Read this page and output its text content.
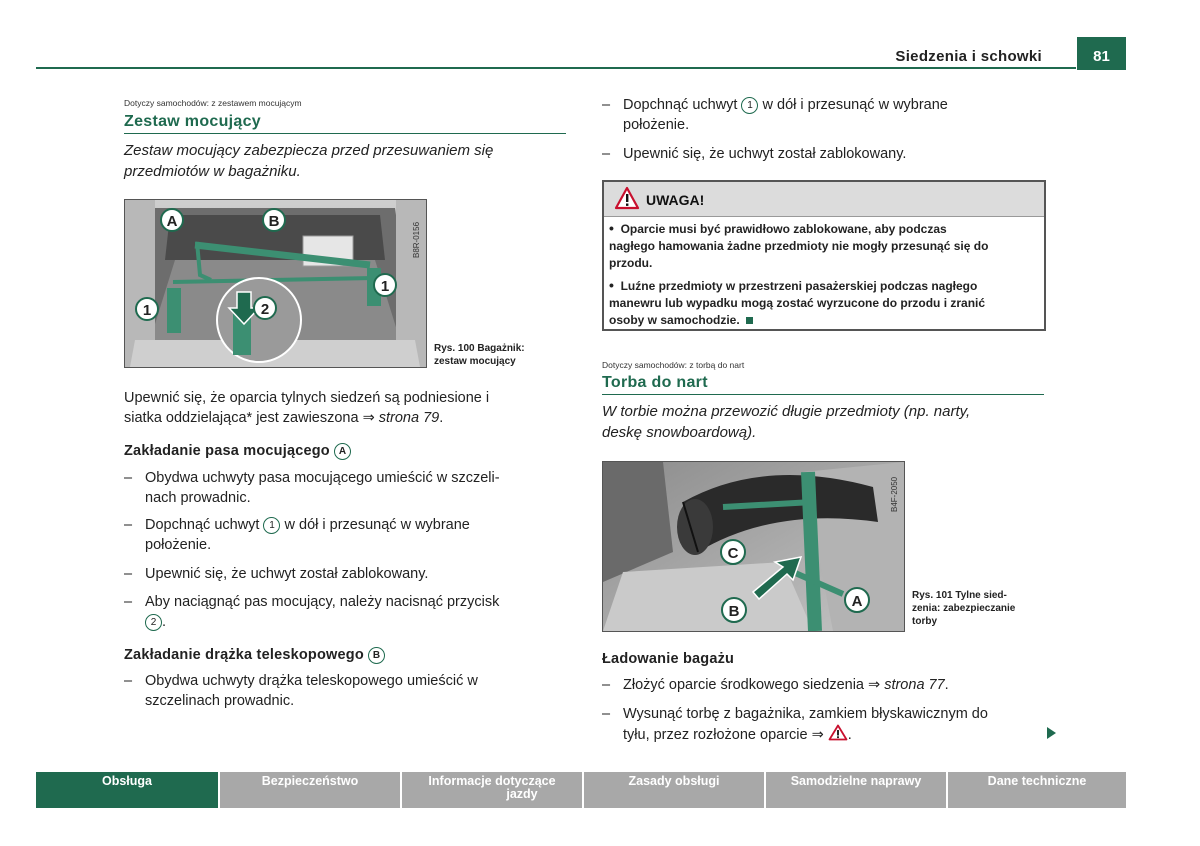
Siedzenia i schowki	81
Dotyczy samochodów: z zestawem mocującym
Zestaw mocujący
Zestaw mocujący zabezpiecza przed przesuwaniem się przedmiotów w bagażniku.
A	B
1
1
2
B8R-0156
Rys. 100 Bagażnik:
zestaw mocujący
Upewnić się, że oparcia tylnych siedzeń są podniesione i
siatka oddzielająca* jest zawieszona ⇒ strona 79.
Zakładanie pasa mocującego A
– Obydwa uchwyty pasa mocującego umieścić w szczeli-
nach prowadnic.
– Dopchnąć uchwyt 1 w dół i przesunąć w wybrane
położenie.
– Upewnić się, że uchwyt został zablokowany.
– Aby naciągnąć pas mocujący, należy nacisnąć przycisk
2 .
Zakładanie drążka teleskopowego B
– Obydwa uchwyty drążka teleskopowego umieścić w
szczelinach prowadnic.
– Dopchnąć uchwyt 1 w dół i przesunąć w wybrane
położenie.
– Upewnić się, że uchwyt został zablokowany.
UWAGA!

• Oparcie musi być prawidłowo zablokowane, aby podczas
nagłego hamowania żadne przedmioty nie mogły przesunąć się do
przodu.

• Luźne przedmioty w przestrzeni pasażerskiej podczas nagłego
manewru lub wypadku mogą zostać wyrzucone do przodu i zranić
osoby w samochodzie.

Dotyczy samochodów: z torbą do nart
Torba do nart
W torbie można przewozić długie przedmioty (np. narty,
deskę snowboardową).
C
B
A
B4F-2050
Rys. 101 Tylne sied-
zenia: zabezpieczanie
torby
Ładowanie bagażu
– Złożyć oparcie środkowego siedzenia ⇒ strona 77.
– Wysunąć torbę z bagażnika, zamkiem błyskawicznym do
tyłu, przez rozłożone oparcie ⇒ .
Obsługa	Bezpieczeństwo	Informacje dotyczące
jazdy
Zasady obsługi	Samodzielne naprawy	Dane techniczne
